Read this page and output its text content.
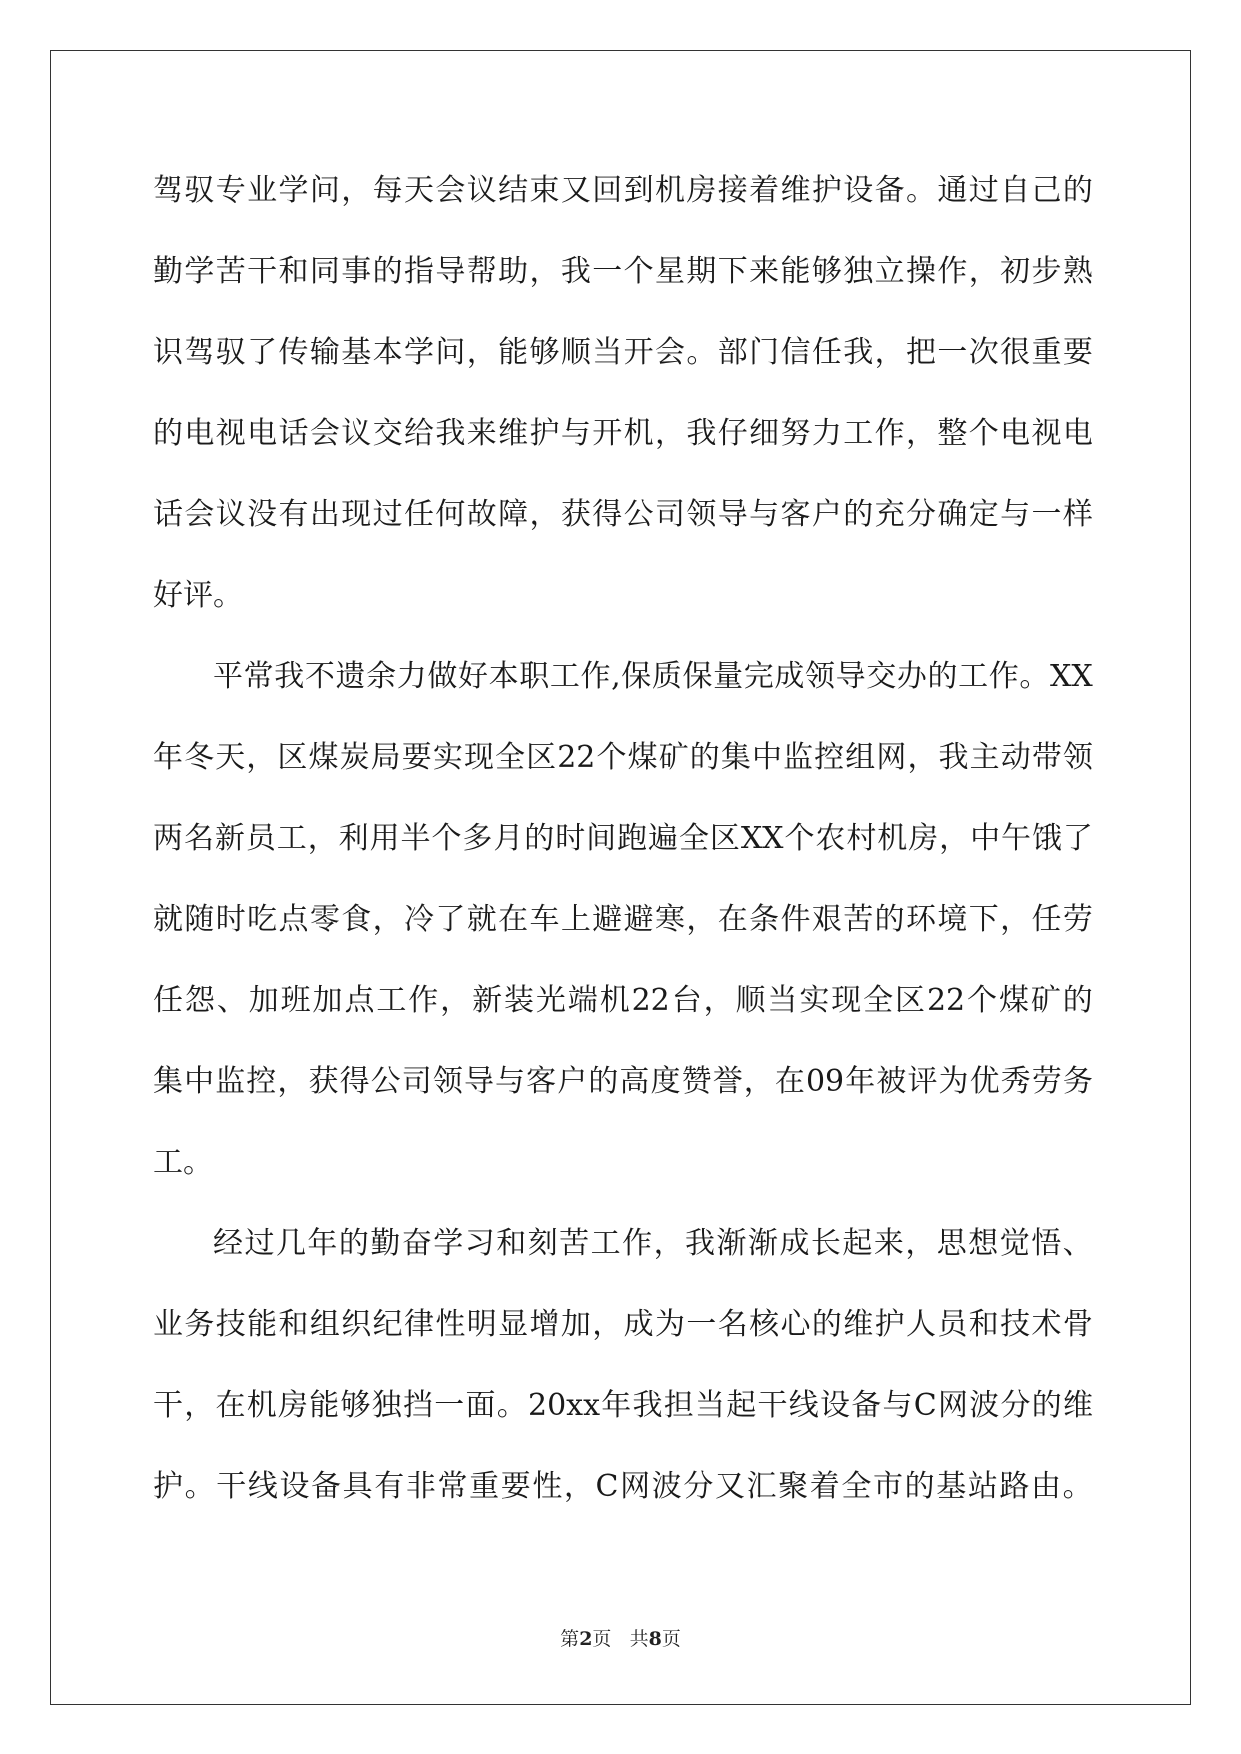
驾 驭 专 业 学 问 ， 每 天 会 议 结 束 又 回 到 机 房 接 着 维 护 设 备 。 通 过 自 己 的
勤 学 苦 干 和 同 事 的 指 导 帮 助 ， 我 一 个 星 期 下 来 能 够 独 立 操 作 ， 初 步 熟
识 驾 驭 了 传 输 基 本 学 问 ， 能 够 顺 当 开 会 。 部 门 信 任 我 ， 把 一 次 很 重 要
的 电 视 电 话 会 议 交 给 我 来 维 护 与 开 机 ， 我 仔 细 努 力 工 作 ， 整 个 电 视 电
话 会 议 没 有 出 现 过 任 何 故 障 ， 获 得 公 司 领 导 与 客 户 的 充 分 确 定 与 一 样
好评。
平 常 我 不 遗 余 力 做 好 本 职 工 作 , 保 质 保 量 完 成 领 导 交 办 的 工 作 。 XX
年 冬 天 ， 区 煤 炭 局 要 实 现 全 区 22 个 煤 矿 的 集 中 监 控 组 网 ， 我 主 动 带 领
两 名 新 员 工 ， 利 用 半 个 多 月 的 时 间 跑 遍 全 区 XX 个 农 村 机 房 ， 中 午 饿 了
就 随 时 吃 点 零 食 ， 冷 了 就 在 车 上 避 避 寒 ， 在 条 件 艰 苦 的 环 境 下 ， 任 劳
任 怨 、 加 班 加 点 工 作 ， 新 装 光 端 机 22 台 ， 顺 当 实 现 全 区 22 个 煤 矿 的
集 中 监 控 ， 获 得 公 司 领 导 与 客 户 的 高 度 赞 誉 ， 在 09 年 被 评 为 优 秀 劳 务
工。
经 过 几 年 的 勤 奋 学 习 和 刻 苦 工 作 ， 我 渐 渐 成 长 起 来 ， 思 想 觉 悟 、
业 务 技 能 和 组 织 纪 律 性 明 显 增 加 ， 成 为 一 名 核 心 的 维 护 人 员 和 技 术 骨
干 ， 在 机 房 能 够 独 挡 一 面 。 20xx 年 我 担 当 起 干 线 设 备 与 C 网 波 分 的 维
护 。 干 线 设 备 具 有 非 常 重 要 性 ， C 网 波 分 又 汇 聚 着 全 市 的 基 站 路 由 。
第2页 共8页
